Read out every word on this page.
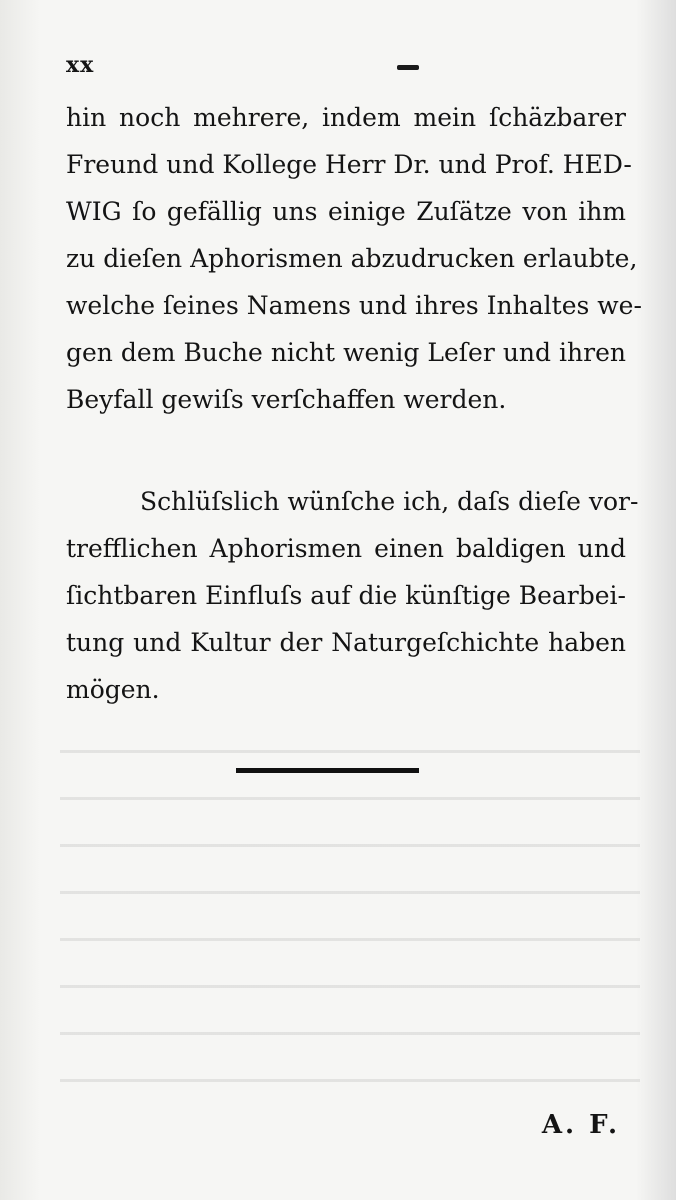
xx
hin noch mehrere, indem mein ſchäzbarer
Freund und Kollege Herr Dr. und Prof. HED-
WIG ſo gefällig uns einige Zuſätze von ihm
zu dieſen Aphorismen abzudrucken erlaubte,
welche ſeines Namens und ihres Inhaltes we-
gen dem Buche nicht wenig Leſer und ihren
Beyfall gewiſs verſchaffen werden.
Schlüſslich wünſche ich, daſs dieſe vor-
trefflichen Aphorismen einen baldigen und
ſichtbaren Einfluſs auf die künſtige Bearbei-
tung und Kultur der Naturgeſchichte haben
mögen.
A. F.
